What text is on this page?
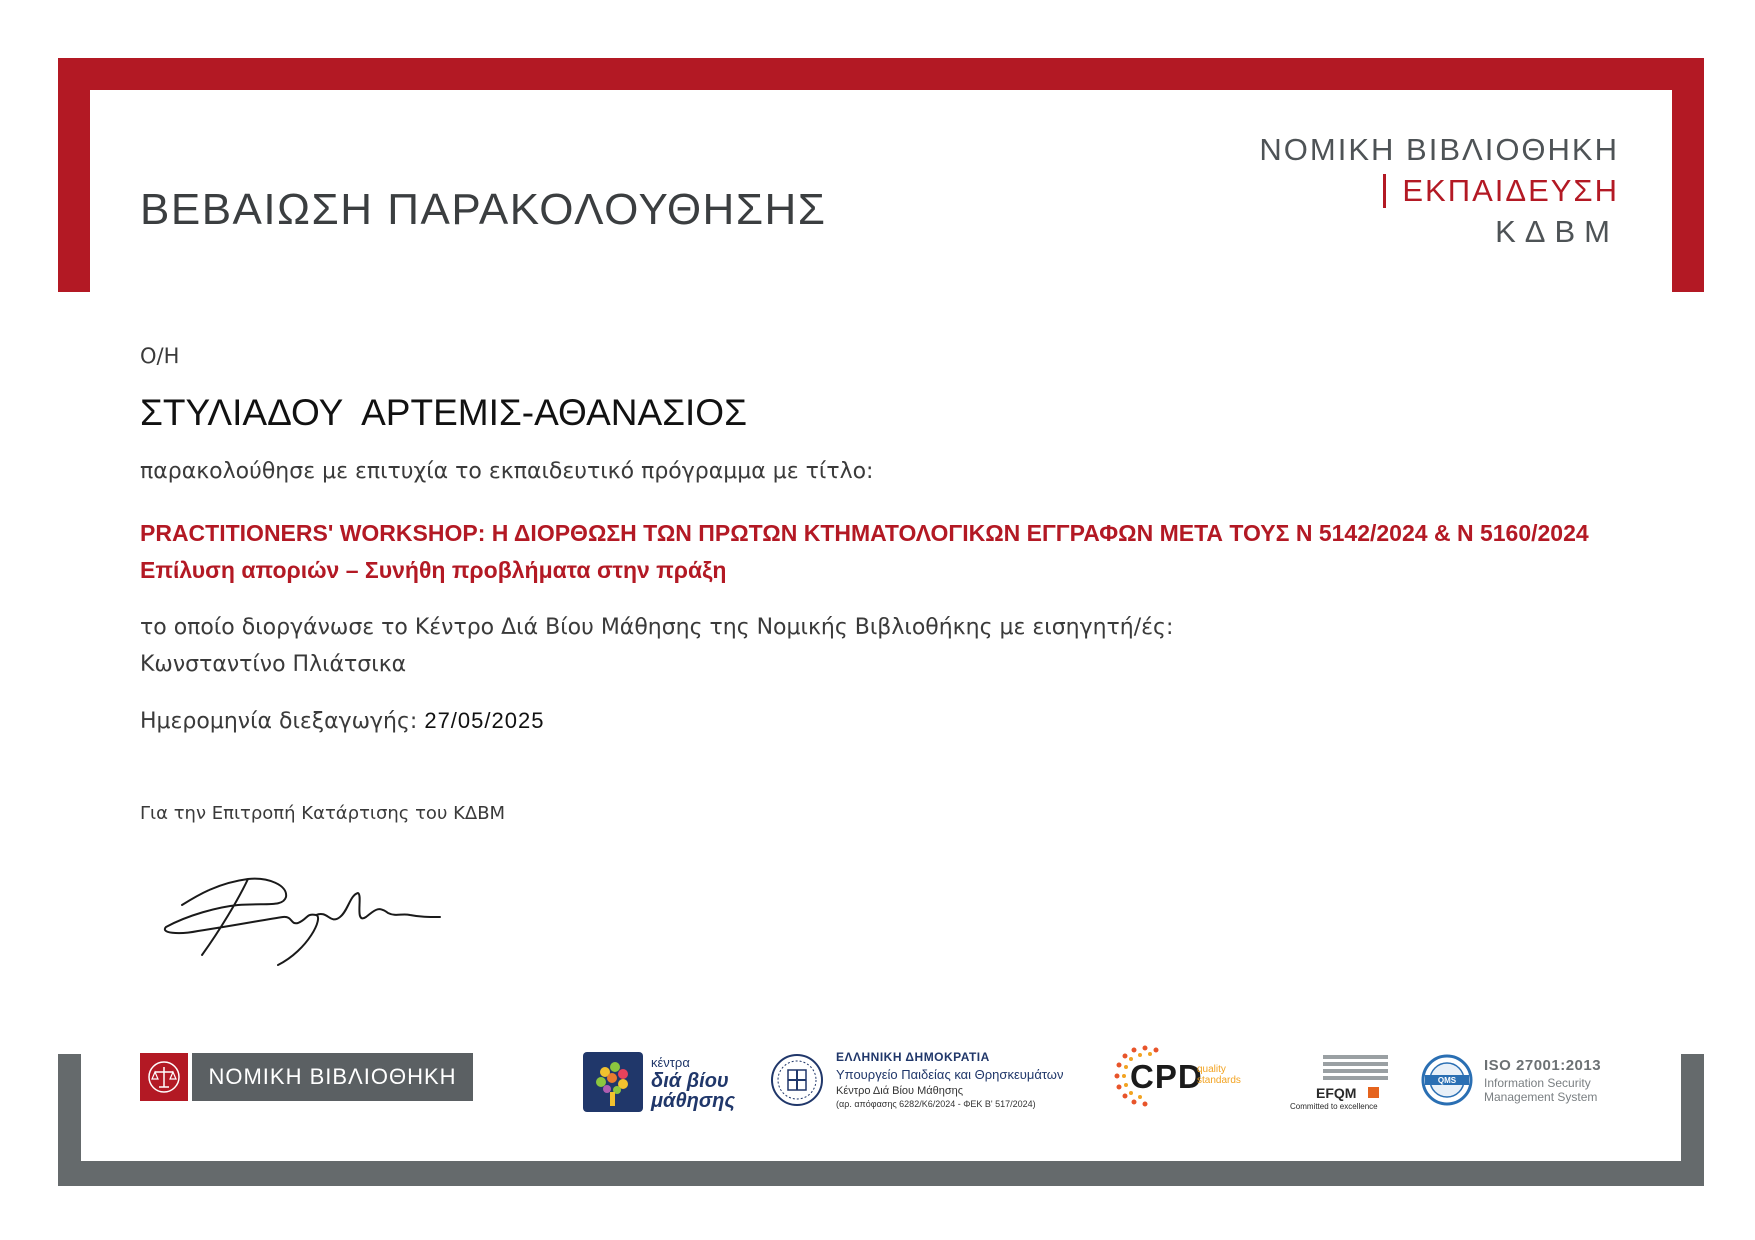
ΒΕΒΑΙΩΣΗ ΠΑΡΑΚΟΛΟΥΘΗΣΗΣ
ΝΟΜΙΚΗ ΒΙΒΛΙΟΘΗΚΗ
ΕΚΠΑΙΔΕΥΣΗ
ΚΔΒΜ
Ο/Η
ΣΤΥΛΙΑΔΟΥ  ΑΡΤΕΜΙΣ-ΑΘΑΝΑΣΙΟΣ
παρακολούθησε με επιτυχία το εκπαιδευτικό πρόγραμμα με τίτλο:
PRACTITIONERS' WORKSHOP: Η ΔΙΟΡΘΩΣΗ ΤΩΝ ΠΡΩΤΩΝ ΚΤΗΜΑΤΟΛΟΓΙΚΩΝ ΕΓΓΡΑΦΩΝ ΜΕΤΑ ΤΟΥΣ Ν 5142/2024 & Ν 5160/2024
Επίλυση αποριών – Συνήθη προβλήματα στην πράξη
το οποίο διοργάνωσε το Κέντρο Διά Βίου Μάθησης της Νομικής Βιβλιοθήκης με εισηγητή/ές:
Κωνσταντίνο Πλιάτσικα
Ημερομηνία διεξαγωγής: 27/05/2025
Για την Επιτροπή Κατάρτισης του ΚΔΒΜ
ΝΟΜΙΚΗ ΒΙΒΛΙΟΘΗΚΗ
κέντρα
διά βίου
μάθησης
ΕΛΛΗΝΙΚΗ ΔΗΜΟΚΡΑΤΙΑ
Υπουργείο Παιδείας και Θρησκευμάτων
Κέντρο Διά Βίου Μάθησης
(αρ. απόφασης 6282/Κ6/2024 - ΦΕΚ Β' 517/2024)
CPD
quality
standards
EFQM
Committed to excellence
QMS
ISO 27001:2013
Information Security
Management System
